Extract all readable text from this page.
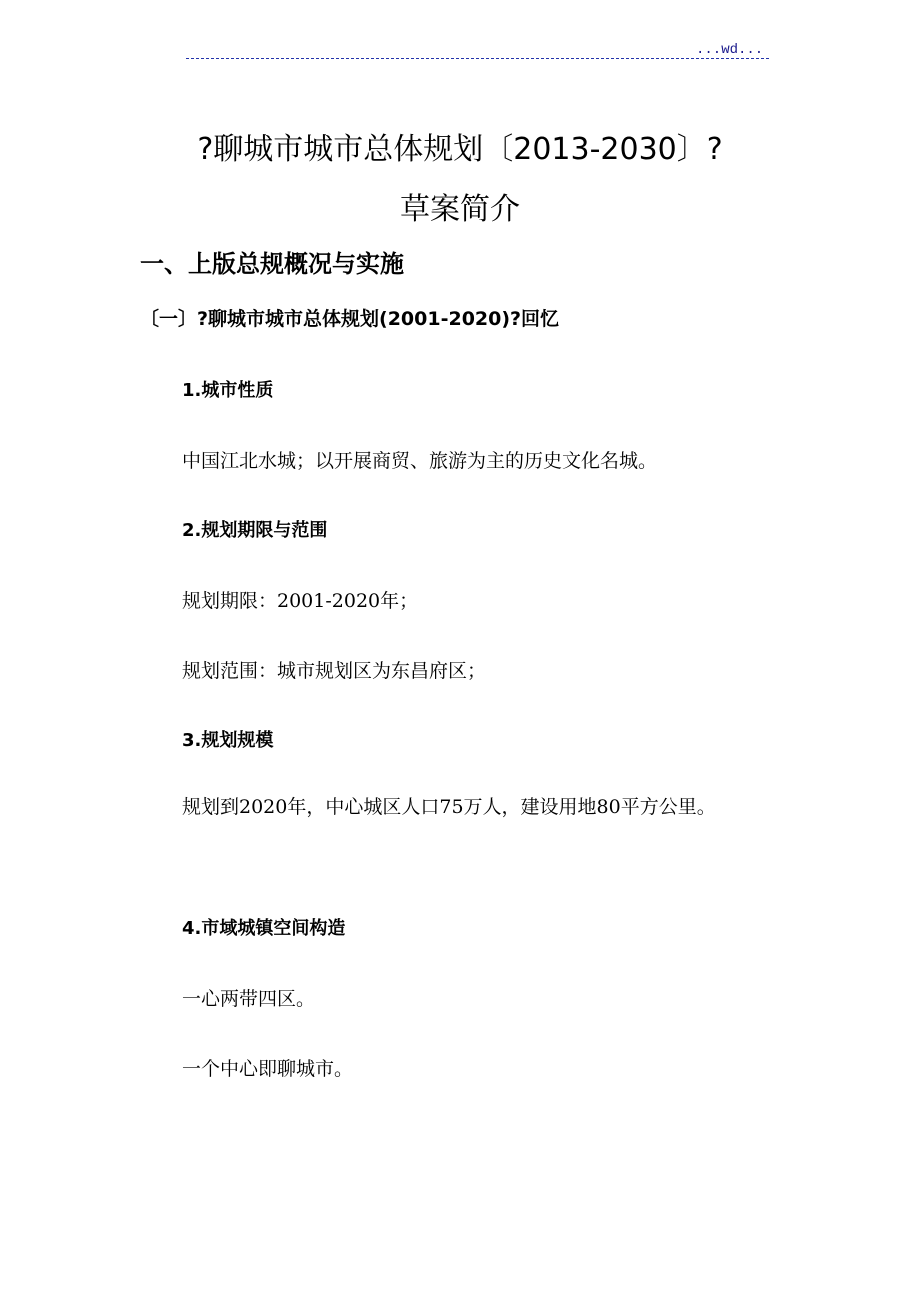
...wd...
?聊城市城市总体规划〔2013-2030〕?
草案简介
一、上版总规概况与实施
〔一〕?聊城市城市总体规划(2001-2020)?回忆
1.城市性质
中国江北水城；以开展商贸、旅游为主的历史文化名城。
2.规划期限与范围
规划期限：2001-2020年；
规划范围：城市规划区为东昌府区；
3.规划规模
规划到2020年，中心城区人口75万人，建设用地80平方公里。
4.市域城镇空间构造
一心两带四区。
一个中心即聊城市。
